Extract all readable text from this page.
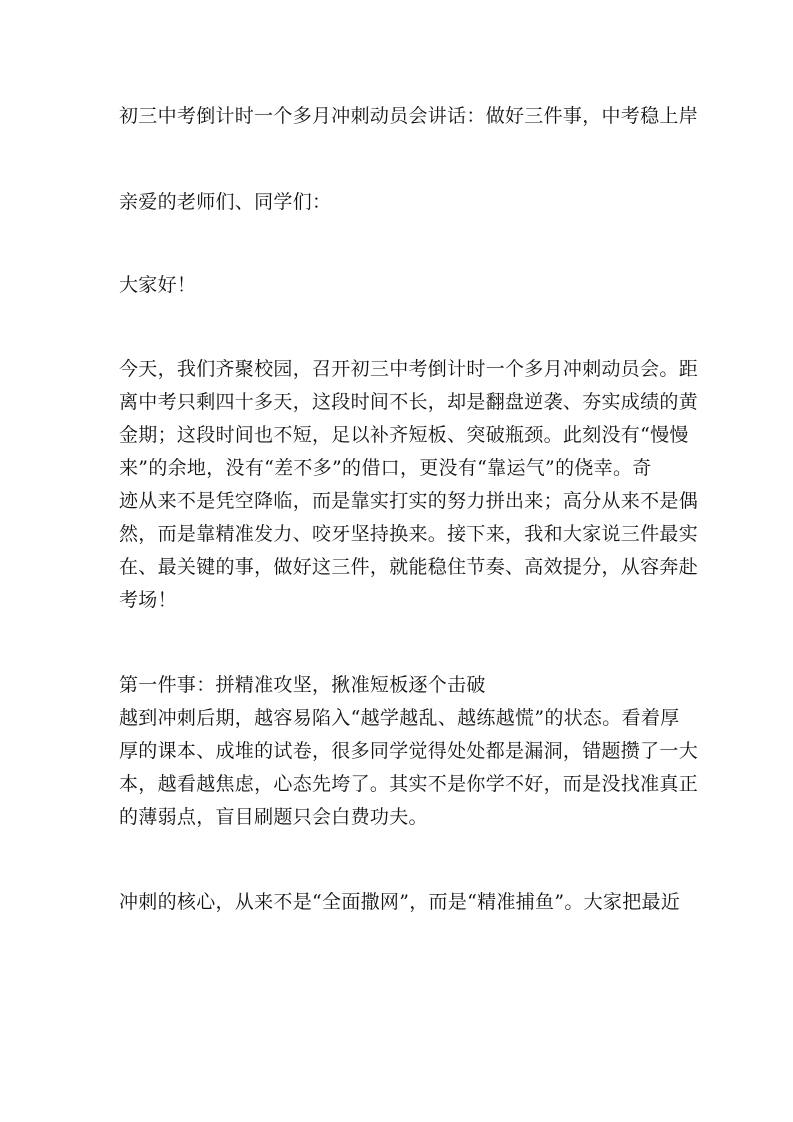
初三中考倒计时一个多月冲刺动员会讲话：做好三件事，中考稳上岸
亲爱的老师们、同学们：
大家好！
今天，我们齐聚校园，召开初三中考倒计时一个多月冲刺动员会。距
离中考只剩四十多天，这段时间不长，却是翻盘逆袭、夯实成绩的黄
金期；这段时间也不短，足以补齐短板、突破瓶颈。此刻没有“慢慢
来”的余地，没有“差不多”的借口，更没有“靠运气”的侥幸。奇
迹从来不是凭空降临，而是靠实打实的努力拼出来；高分从来不是偶
然，而是靠精准发力、咬牙坚持换来。接下来，我和大家说三件最实
在、最关键的事，做好这三件，就能稳住节奏、高效提分，从容奔赴
考场！
第一件事：拼精准攻坚，揪准短板逐个击破
越到冲刺后期，越容易陷入“越学越乱、越练越慌”的状态。看着厚
厚的课本、成堆的试卷，很多同学觉得处处都是漏洞，错题攒了一大
本，越看越焦虑，心态先垮了。其实不是你学不好，而是没找准真正
的薄弱点，盲目刷题只会白费功夫。
冲刺的核心，从来不是“全面撒网”，而是“精准捕鱼”。大家把最近
